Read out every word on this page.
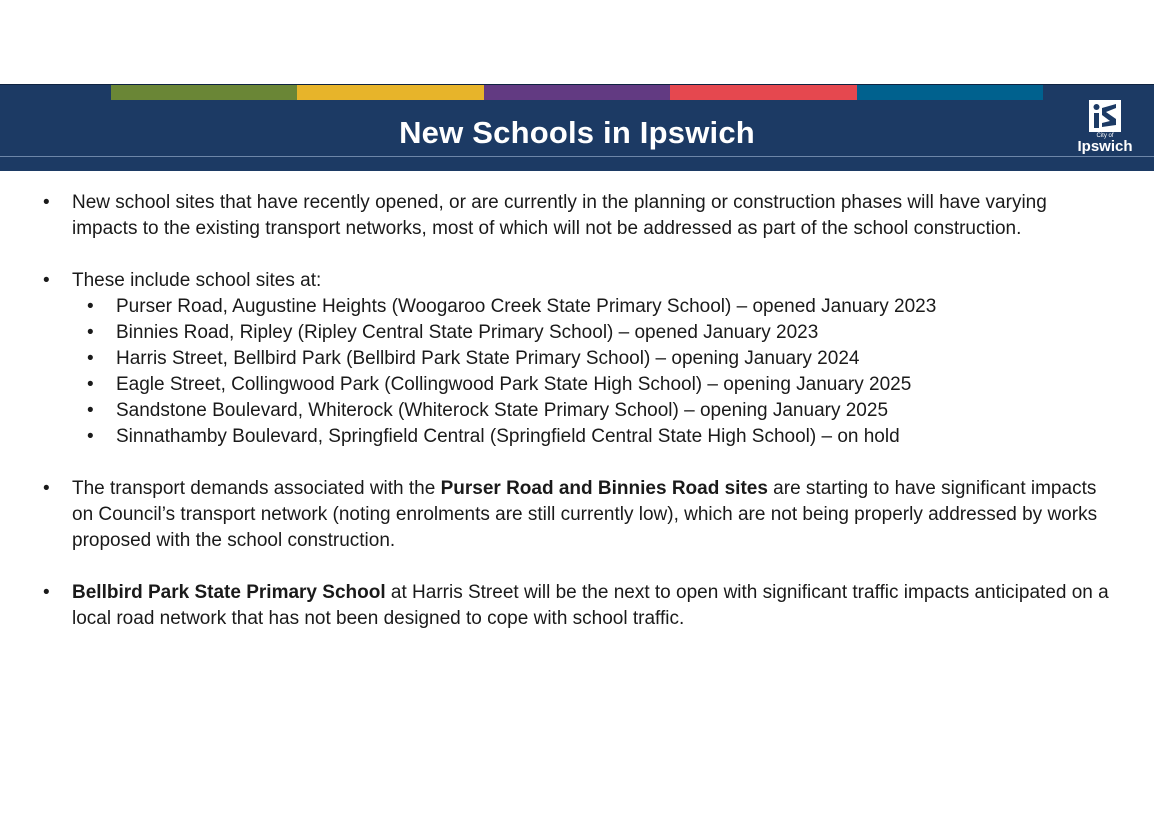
New Schools in Ipswich	City of
Ipswich
• New school sites that have recently opened, or are currently in the planning or construction phases will have varying impacts to the existing transport networks, most of which will not be addressed as part of the school construction.
• These include school sites at:
• Purser Road, Augustine Heights (Woogaroo Creek State Primary School) – opened January 2023
• Binnies Road, Ripley (Ripley Central State Primary School) – opened January 2023
• Harris Street, Bellbird Park (Bellbird Park State Primary School) – opening January 2024
• Eagle Street, Collingwood Park (Collingwood Park State High School) – opening January 2025
• Sandstone Boulevard, Whiterock (Whiterock State Primary School) – opening January 2025
• Sinnathamby Boulevard, Springfield Central (Springfield Central State High School) – on hold
• The transport demands associated with the Purser Road and Binnies Road sites are starting to have significant impacts on Council’s transport network (noting enrolments are still currently low), which are not being properly addressed by works proposed with the school construction.
• Bellbird Park State Primary School at Harris Street will be the next to open with significant traffic impacts anticipated on a local road network that has not been designed to cope with school traffic.
